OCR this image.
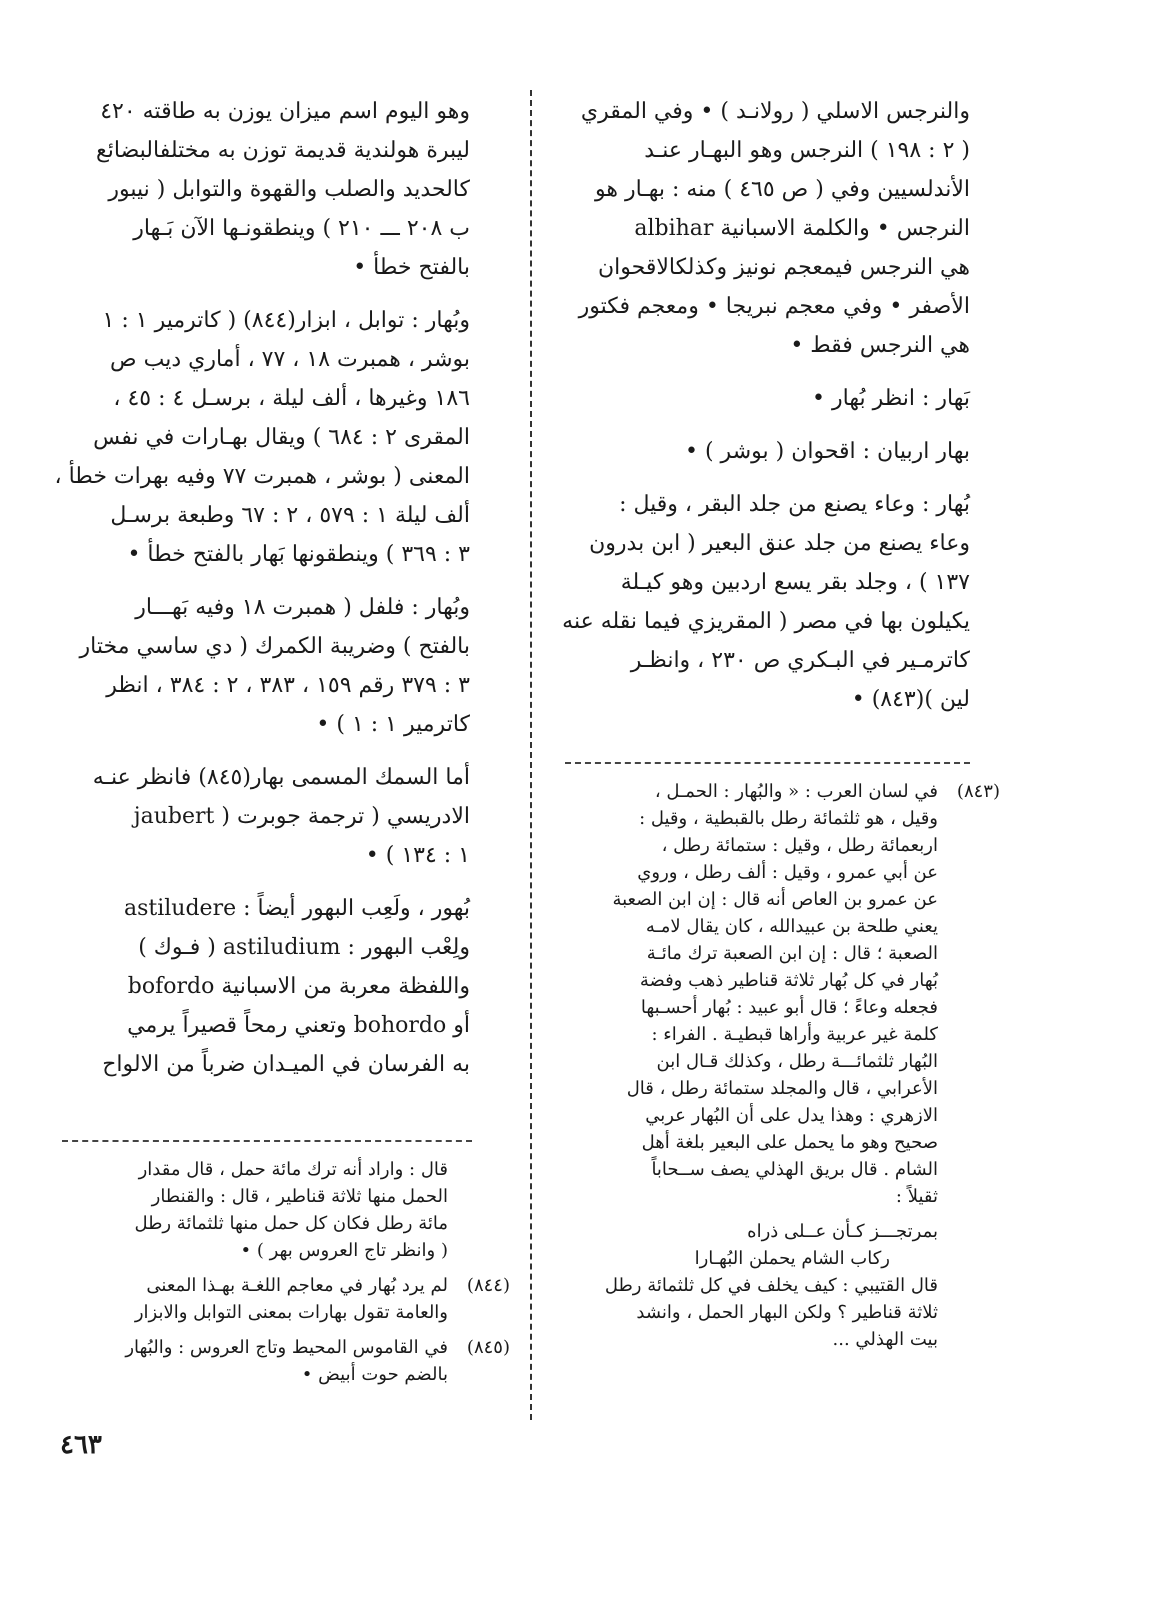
والنرجس الاسلي ( رولانـد ) • وفي المقري
( ٢ : ١٩٨ ) النرجس وهو البهـار عنـد
الأندلسيين وفي ( ص ٤٦٥ ) منه : بهـار هو
النرجس • والكلمة الاسبانية albihar
هي النرجس فيمعجم نونيز وكذلكالاقحوان
الأصفر • وفي معجم نبريجا • ومعجم فكتور
هي النرجس فقط •
بَهار : انظر بُهار •
بهار اربيان : اقحوان ( بوشر ) •
بُهار : وعاء يصنع من جلد البقر ، وقيل :
وعاء يصنع من جلد عنق البعير ( ابن بدرون
١٣٧ ) ، وجلد بقر يسع اردبين وهو كيـلة
يكيلون بها في مصر ( المقريزي فيما نقله عنه
كاترمـير في البـكري ص ٢٣٠ ، وانظـر
لين )(٨٤٣) •
وهو اليوم اسم ميزان يوزن به طاقته ٤٢٠
ليبرة هولندية قديمة توزن به مختلفالبضائع
كالحديد والصلب والقهوة والتوابل ( نيبور
ب ٢٠٨ ـــ ٢١٠ ) وينطقونـها الآن بَـهار
بالفتح خطأ •
وبُهار : توابل ، ابزار(٨٤٤) ( كاترمير ١ : ١
بوشر ، همبرت ١٨ ، ٧٧ ، أماري ديب ص
١٨٦ وغيرها ، ألف ليلة ، برسـل ٤ : ٤٥ ،
المقرى ٢ : ٦٨٤ ) ويقال بهـارات في نفس
المعنى ( بوشر ، همبرت ٧٧ وفيه بهرات خطأ ،
ألف ليلة ١ : ٥٧٩ ، ٢ : ٦٧ وطبعة برسـل
٣ : ٣٦٩ ) وينطقونها بَهار بالفتح خطأ •
وبُهار : فلفل ( همبرت ١٨ وفيه بَهـــار
بالفتح ) وضريبة الكمرك ( دي ساسي مختار
٣ : ٣٧٩ رقم ١٥٩ ، ٣٨٣ ، ٢ : ٣٨٤ ، انظر
كاترمير ١ : ١ ) •
أما السمك المسمى بهار(٨٤٥) فانظر عنـه
الادريسي ( ترجمة جوبرت ( jaubert
١ : ١٣٤ ) •
بُهور ، ولَعِب البهور أيضاً : astiludere
ولِعْب البهور : astiludium ( فـوك )
واللفظة معربة من الاسبانية bofordo
أو bohordo وتعني رمحاً قصيراً يرمي
به الفرسان في الميـدان ضرباً من الالواح
(٨٤٣)في لسان العرب : « والبُهار : الحمـل ،
وقيل ، هو ثلثمائة رطل بالقبطية ، وقيل :
اربعمائة رطل ، وقيل : ستمائة رطل ،
عن أبي عمرو ، وقيل : ألف رطل ، وروي
عن عمرو بن العاص أنه قال : إن ابن الصعبة
يعني طلحة بن عبيدالله ، كان يقال لامـه
الصعبة ؛ قال : إن ابن الصعبة ترك مائـة
بُهار في كل بُهار ثلاثة قناطير ذهب وفضة
فجعله وعاءً ؛ قال أبو عبيد : بُهار أحسـبها
كلمة غير عربية وأراها قبطيـة . الفراء :
البُهار ثلثمائـــة رطل ، وكذلك قـال ابن
الأعرابي ، قال والمجلد ستمائة رطل ، قال
الازهري : وهذا يدل على أن البُهار عربي
صحيح وهو ما يحمل على البعير بلغة أهل
الشام . قال بريق الهذلي يصف ســحاباً
ثقيلاً :
بمرتجـــز كـأن عــلى ذراه
ركاب الشام يحملن البُهـارا
قال القتيبي : كيف يخلف في كل ثلثمائة رطل
ثلاثة قناطير ؟ ولكن البهار الحمل ، وانشد
بيت الهذلي ...
قال : واراد أنه ترك مائة حمل ، قال مقدار
الحمل منها ثلاثة قناطير ، قال : والقنطار
مائة رطل فكان كل حمل منها ثلثمائة رطل
( وانظر تاج العروس بهر ) •
(٨٤٤)لم يرد بُهار في معاجم اللغـة بهـذا المعنى
والعامة تقول بهارات بمعنى التوابل والابزار
(٨٤٥)في القاموس المحيط وتاج العروس : والبُهار
بالضم حوت أبيض •
٤٦٣
